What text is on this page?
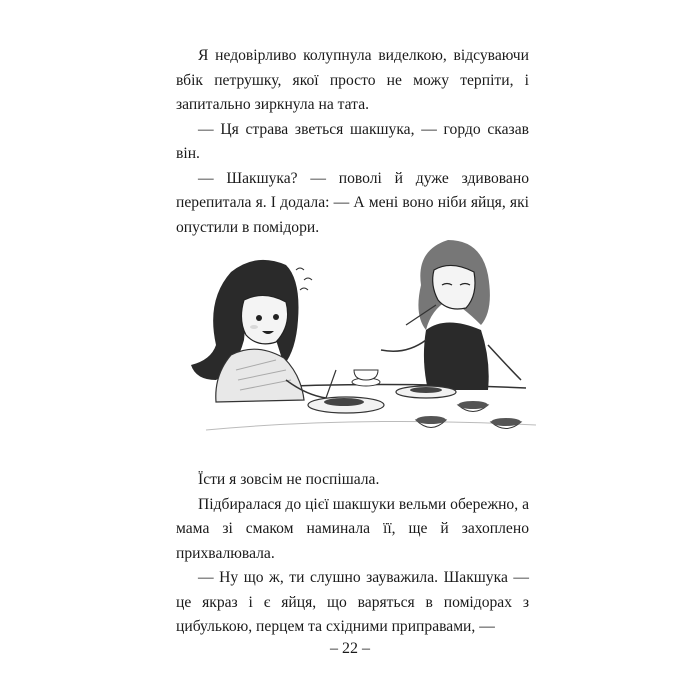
Я недовірливо колупнула виделкою, відсуваючи вбік петрушку, якої просто не можу терпіти, і запитально зиркнула на тата.

— Ця страва зветься шакшука, — гордо сказав він.

— Шакшука? — поволі й дуже здивовано перепитала я. І додала: — А мені воно ніби яйця, які опустили в помідори.

Їсти я зовсім не поспішала.

Підбиралася до цієї шакшуки вельми обережно, а мама зі смаком наминала її, ще й захоплено прихвалювала.

— Ну що ж, ти слушно зауважила. Шакшука — це якраз і є яйця, що варяться в помідорах з цибулькою, перцем та східними приправами, —

– 22 –
